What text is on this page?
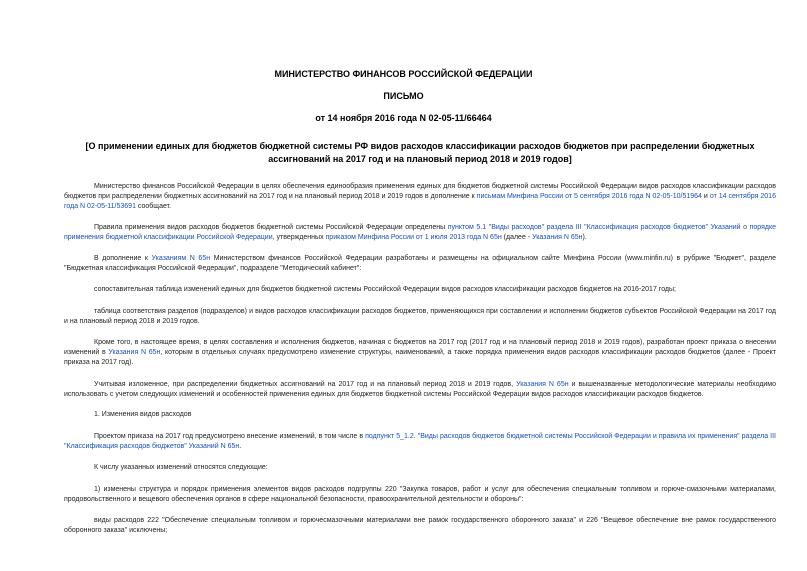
МИНИСТЕРСТВО ФИНАНСОВ РОССИЙСКОЙ ФЕДЕРАЦИИ
ПИСЬМО
от 14 ноября 2016 года N 02-05-11/66464
[О применении единых для бюджетов бюджетной системы РФ видов расходов классификации расходов бюджетов при распределении бюджетных ассигнований на 2017 год и на плановый период 2018 и 2019 годов]

Министерство финансов Российской Федерации в целях обеспечения единообразия применения единых для бюджетов бюджетной системы Российской Федерации видов расходов классификации расходов бюджетов при распределении бюджетных ассигнований на 2017 год и на плановый период 2018 и 2019 годов в дополнение к письмам Минфина России от 5 сентября 2016 года N 02-05-10/51964 и от 14 сентября 2016 года N 02-05-11/53691 сообщает.

Правила применения видов расходов бюджетов бюджетной системы Российской Федерации определены пунктом 5.1 "Виды расходов" раздела III "Классификация расходов бюджетов" Указаний о порядке применения бюджетной классификации Российской Федерации, утвержденных приказом Минфина России от 1 июля 2013 года N 65н (далее - Указания N 65н).

В дополнение к Указаниям N 65н Министерством финансов Российской Федерации разработаны и размещены на официальном сайте Минфина России (www.minfin.ru) в рубрике "Бюджет", разделе "Бюджетная классификация Российской Федерации", подразделе "Методический кабинет":

сопоставительная таблица изменений единых для бюджетов бюджетной системы Российской Федерации видов расходов классификации расходов бюджетов на 2016-2017 годы;

таблица соответствия разделов (подразделов) и видов расходов классификации расходов бюджетов, применяющихся при составлении и исполнении бюджетов субъектов Российской Федерации на 2017 год и на плановый период 2018 и 2019 годов.

Кроме того, в настоящее время, в целях составления и исполнения бюджетов, начиная с бюджетов на 2017 год (2017 год и на плановый период 2018 и 2019 годов), разработан проект приказа о внесении изменений в Указания N 65н, которым в отдельных случаях предусмотрено изменение структуры, наименований, а также порядка применения видов расходов классификации расходов бюджетов (далее - Проект приказа на 2017 год).

Учитывая изложенное, при распределении бюджетных ассигнований на 2017 год и на плановый период 2018 и 2019 годов, Указания N 65н и вышеназванные методологические материалы необходимо использовать с учетом следующих изменений и особенностей применения единых для бюджетов бюджетной системы Российской Федерации видов расходов классификации расходов бюджетов.

1. Изменения видов расходов

Проектом приказа на 2017 год предусмотрено внесение изменений, в том числе в подпункт 5_1.2. "Виды расходов бюджетов бюджетной системы Российской Федерации и правила их применения" раздела III "Классификация расходов бюджетов" Указаний N 65н.

К числу указанных изменений относятся следующие:

1) изменены структура и порядок применения элементов видов расходов подгруппы 220 "Закупка товаров, работ и услуг для обеспечения специальным топливом и горюче-смазочными материалами, продовольственного и вещевого обеспечения органов в сфере национальной безопасности, правоохранительной деятельности и обороны":

виды расходов 222 "Обеспечение специальным топливом и горючесмазочными материалами вне рамок государственного оборонного заказа" и 226 "Вещевое обеспечение вне рамок государственного оборонного заказа" исключены;
